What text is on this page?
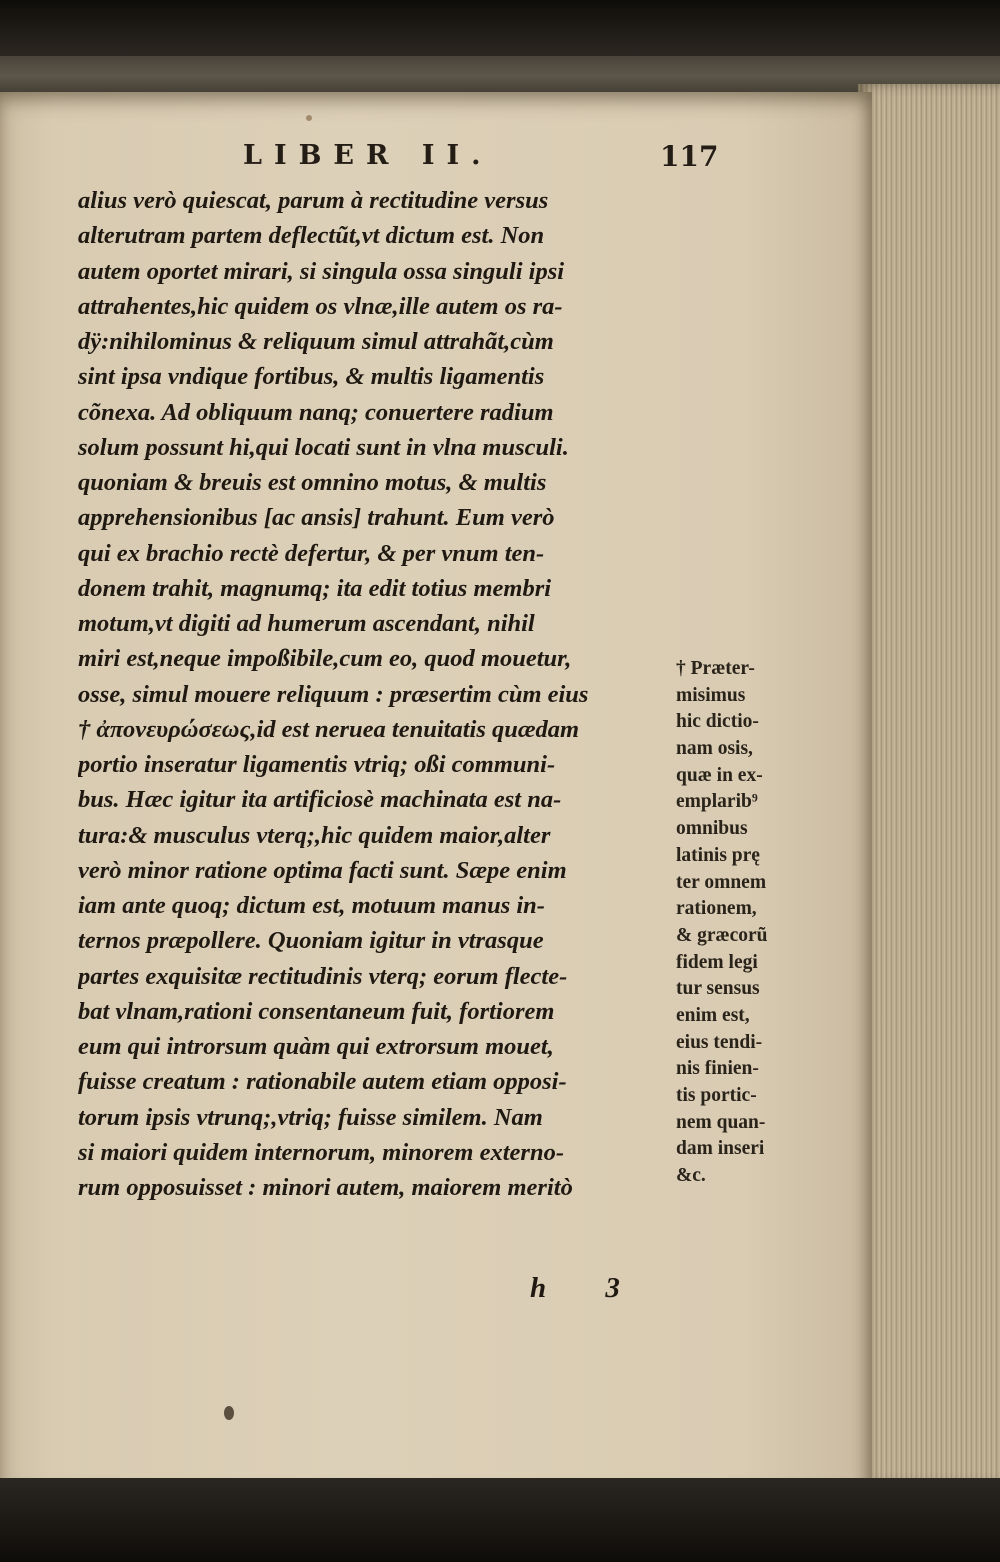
LIBER II.	117
alius verò quiescat, parum à rectitudine versus
alterutram partem deflectũt,vt dictum est. Non
autem oportet mirari, si singula ossa singuli ipsi
attrahentes,hic quidem os vlnæ,ille autem os ra-
dÿ:nihilominus & reliquum simul attrahãt,cùm
sint ipsa vndique fortibus, & multis ligamentis
cõnexa. Ad obliquum nanq; conuertere radium
solum possunt hi,qui locati sunt in vlna musculi.
quoniam & breuis est omnino motus, & multis
apprehensionibus [ac ansis] trahunt. Eum verò
qui ex brachio rectè defertur, & per vnum ten-
donem trahit, magnumq; ita edit totius membri
motum,vt digiti ad humerum ascendant, nihil
miri est,neque impoßibile,cum eo, quod mouetur,
osse, simul mouere reliquum : præsertim cùm eius
† ἀπονευρώσεως,id est neruea tenuitatis quædam
portio inseratur ligamentis vtriq; oßi communi-
bus. Hæc igitur ita artificiosè machinata est na-
tura:& musculus vterq;,hic quidem maior,alter
verò minor ratione optima facti sunt. Sæpe enim
iam ante quoq; dictum est, motuum manus in-
ternos præpollere. Quoniam igitur in vtrasque
partes exquisitæ rectitudinis vterq; eorum flecte-
bat vlnam,rationi consentaneum fuit, fortiorem
eum qui introrsum quàm qui extrorsum mouet,
fuisse creatum : rationabile autem etiam opposi-
torum ipsis vtrunq;,vtriq; fuisse similem. Nam
si maiori quidem internorum, minorem externo-
rum opposuisset : minori autem, maiorem meritò
† Præter-
misimus
hic dictio-
nam osis,
quæ in ex-
emplarib⁹
omnibus
latinis prę
ter omnem
rationem,
& græcorũ
fidem legi
tur sensus
enim est,
eius tendi-
nis finien-
tis portic-
nem quan-
dam inseri
&c.
h 3
